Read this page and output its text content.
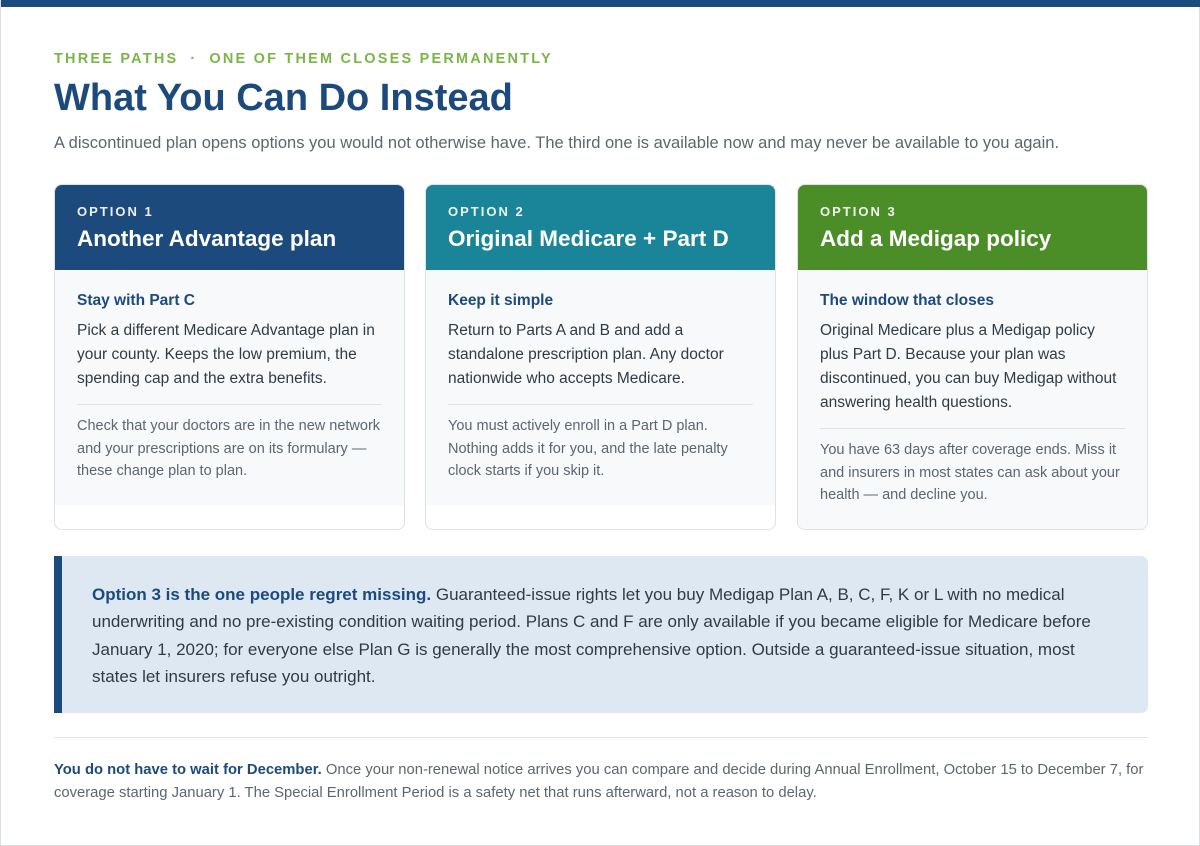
THREE PATHS · ONE OF THEM CLOSES PERMANENTLY
What You Can Do Instead

A discontinued plan opens options you would not otherwise have. The third one is available now and may never be available to you again.

OPTION 1
Another Advantage plan
Stay with Part C
Pick a different Medicare Advantage plan in your county. Keeps the low premium, the spending cap and the extra benefits.
Check that your doctors are in the new network and your prescriptions are on its formulary — these change plan to plan.
OPTION 2
Original Medicare + Part D
Keep it simple
Return to Parts A and B and add a standalone prescription plan. Any doctor nationwide who accepts Medicare.
You must actively enroll in a Part D plan. Nothing adds it for you, and the late penalty clock starts if you skip it.
OPTION 3
Add a Medigap policy
The window that closes
Original Medicare plus a Medigap policy plus Part D. Because your plan was discontinued, you can buy Medigap without answering health questions.
You have 63 days after coverage ends. Miss it and insurers in most states can ask about your health — and decline you.
Option 3 is the one people regret missing. Guaranteed-issue rights let you buy Medigap Plan A, B, C, F, K or L with no medical underwriting and no pre-existing condition waiting period. Plans C and F are only available if you became eligible for Medicare before January 1, 2020; for everyone else Plan G is generally the most comprehensive option. Outside a guaranteed-issue situation, most states let insurers refuse you outright.
You do not have to wait for December. Once your non-renewal notice arrives you can compare and decide during Annual Enrollment, October 15 to December 7, for coverage starting January 1. The Special Enrollment Period is a safety net that runs afterward, not a reason to delay.
